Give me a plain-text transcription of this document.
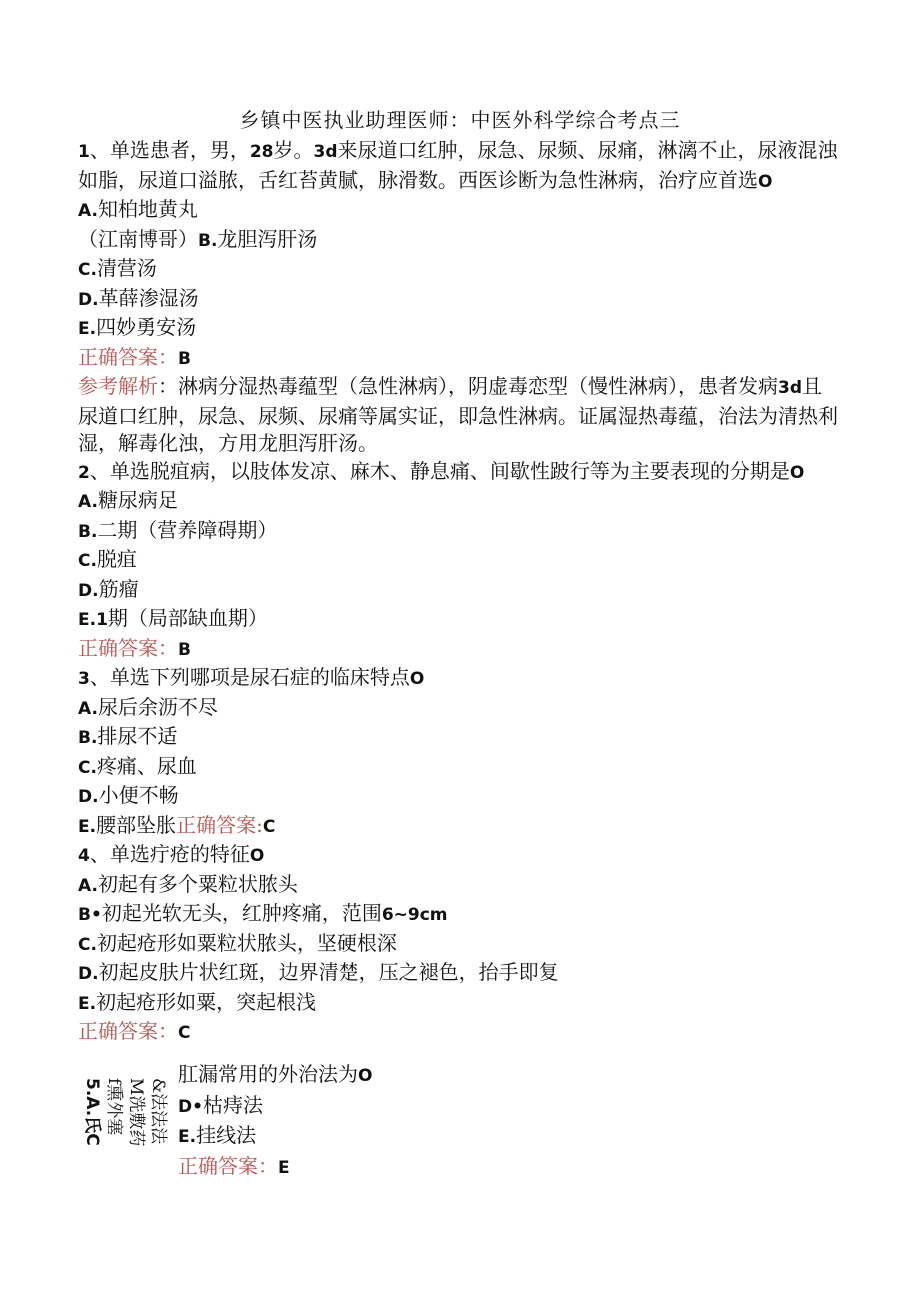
乡镇中医执业助理医师：中医外科学综合考点三
1、单选患者，男，28岁。3d来尿道口红肿，尿急、尿频、尿痛，淋漓不止，尿液混浊如脂，尿道口溢脓，舌红苔黄腻，脉滑数。西医诊断为急性淋病，治疗应首选O
A.知柏地黄丸
（江南博哥）B.龙胆泻肝汤
C.清营汤
D.革薛渗湿汤
E.四妙勇安汤
正确答案：B
参考解析：淋病分湿热毒蕴型（急性淋病），阴虚毒恋型（慢性淋病），患者发病3d且尿道口红肿，尿急、尿频、尿痛等属实证，即急性淋病。证属湿热毒蕴，治法为清热利湿，解毒化浊，方用龙胆泻肝汤。
2、单选脱疽病，以肢体发凉、麻木、静息痛、间歇性跛行等为主要表现的分期是O
A.糖尿病足
B.二期（营养障碍期）
C.脱疽
D.筋瘤
E.1期（局部缺血期）
正确答案：B
3、单选下列哪项是尿石症的临床特点O
A.尿后余沥不尽
B.排尿不适
C.疼痛、尿血
D.小便不畅
E.腰部坠胀正确答案:C
4、单选疔疮的特征O
A.初起有多个粟粒状脓头
B•初起光软无头，红肿疼痛，范围6~9cm
C.初起疮形如粟粒状脓头，坚硬根深
D.初起皮肤片状红斑，边界清楚，压之褪色，抬手即复
E.初起疮形如粟，突起根浅
正确答案：C
5.A.氏C f熏外塞 M洗敷药 &法法法
肛漏常用的外治法为O
D•枯痔法
E.挂线法
正确答案：E
